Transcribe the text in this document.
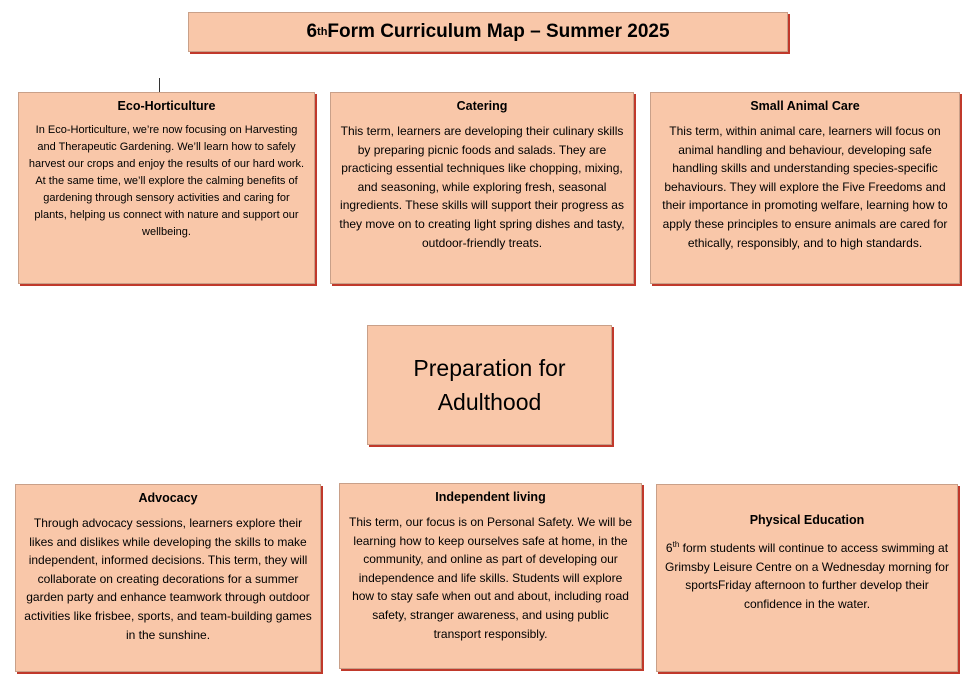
6 th Form Curriculum Map – Summer 2025
Eco-Horticulture

In Eco-Horticulture, we’re now focusing on Harvesting and Therapeutic Gardening. We’ll learn how to safely harvest our crops and enjoy the results of our hard work. At the same time, we’ll explore the calming benefits of gardening through sensory activities and caring for plants, helping us connect with nature and support our wellbeing.

Catering

This term, learners are developing their culinary skills by preparing picnic foods and salads. They are practicing essential techniques like chopping, mixing, and seasoning, while exploring fresh, seasonal ingredients. These skills will support their progress as they move on to creating light spring dishes and tasty, outdoor-friendly treats.

Small Animal Care

This term, within animal care, learners will focus on animal handling and behaviour, developing safe handling skills and understanding species-specific behaviours. They will explore the Five Freedoms and their importance in promoting welfare, learning how to apply these principles to ensure animals are cared for ethically, responsibly, and to high standards.

Preparation for Adulthood
Advocacy

Through advocacy sessions, learners explore their likes and dislikes while developing the skills to make independent, informed decisions. This term, they will collaborate on creating decorations for a summer garden party and enhance teamwork through outdoor activities like frisbee, sports, and team-building games in the sunshine.

Independent living

This term, our focus is on Personal Safety. We will be learning how to keep ourselves safe at home, in the community, and online as part of developing our independence and life skills. Students will explore how to stay safe when out and about, including road safety, stranger awareness, and using public transport responsibly.

Physical Education

6th form students will continue to access swimming at Grimsby Leisure Centre on a Wednesday morning for sportsFriday afternoon to further develop their confidence in the water.
